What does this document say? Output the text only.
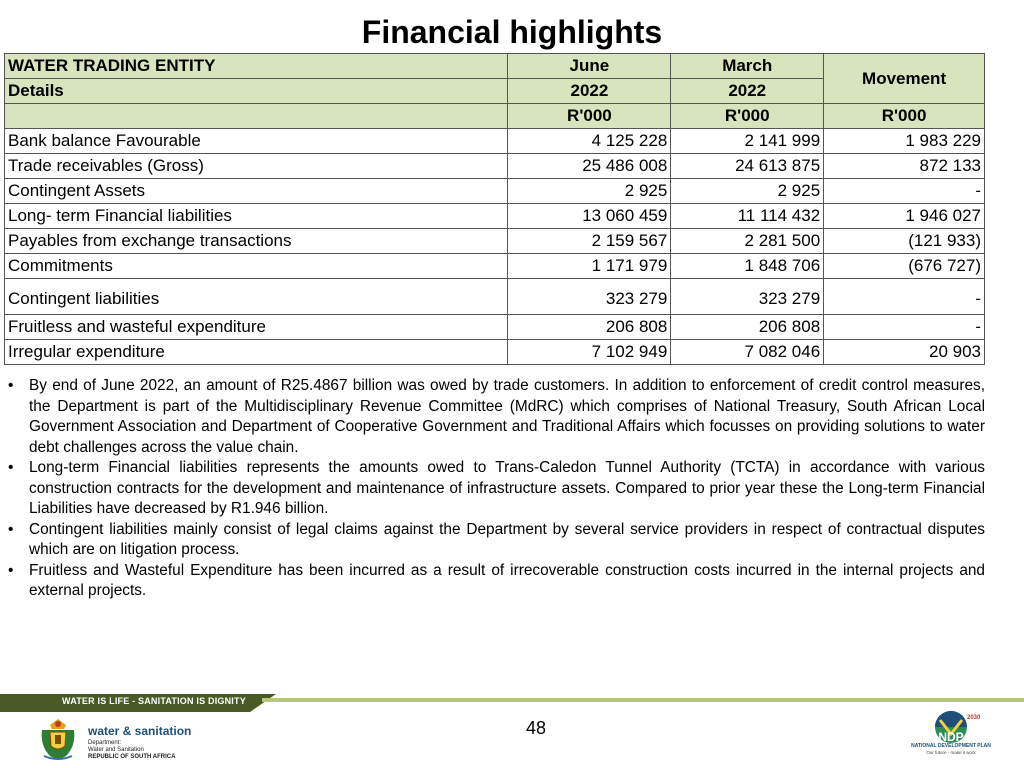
Financial highlights
WATER TRADING ENTITY	June	March	Movement
Details	2022	2022	
	R'000	R'000	R'000
Bank balance Favourable	4 125 228	2 141 999	1 983 229
Trade receivables (Gross)	25 486 008	24 613 875	872 133
Contingent Assets	2 925	2 925	-
Long- term Financial liabilities	13 060 459	11 114 432	1 946 027
Payables from exchange transactions	2 159 567	2 281 500	(121 933)
Commitments	1 171 979	1 848 706	(676 727)
Contingent liabilities	323 279	323 279	-
Fruitless and wasteful expenditure	206 808	206 808	-
Irregular expenditure	7 102 949	7 082 046	20 903
• By end of June 2022, an amount of R25.4867 billion was owed by trade customers. In addition to enforcement of credit control measures, the Department is part of the Multidisciplinary Revenue Committee (MdRC) which comprises of National Treasury, South African Local Government Association and Department of Cooperative Government and Traditional Affairs which focusses on providing solutions to water debt challenges across the value chain.
• Long-term Financial liabilities represents the amounts owed to Trans-Caledon Tunnel Authority (TCTA) in accordance with various construction contracts for the development and maintenance of infrastructure assets. Compared to prior year these the Long-term Financial Liabilities have decreased by R1.946 billion.
• Contingent liabilities mainly consist of legal claims against the Department by several service providers in respect of contractual disputes which are on litigation process.
• Fruitless and Wasteful Expenditure has been incurred as a result of irrecoverable construction costs incurred in the internal projects and external projects.
WATER IS LIFE - SANITATION IS DIGNITY
water & sanitation
Department:
Water and Sanitation
REPUBLIC OF SOUTH AFRICA
48	2030
NDP
NATIONAL DEVELOPMENT PLAN
Our future - make it work
